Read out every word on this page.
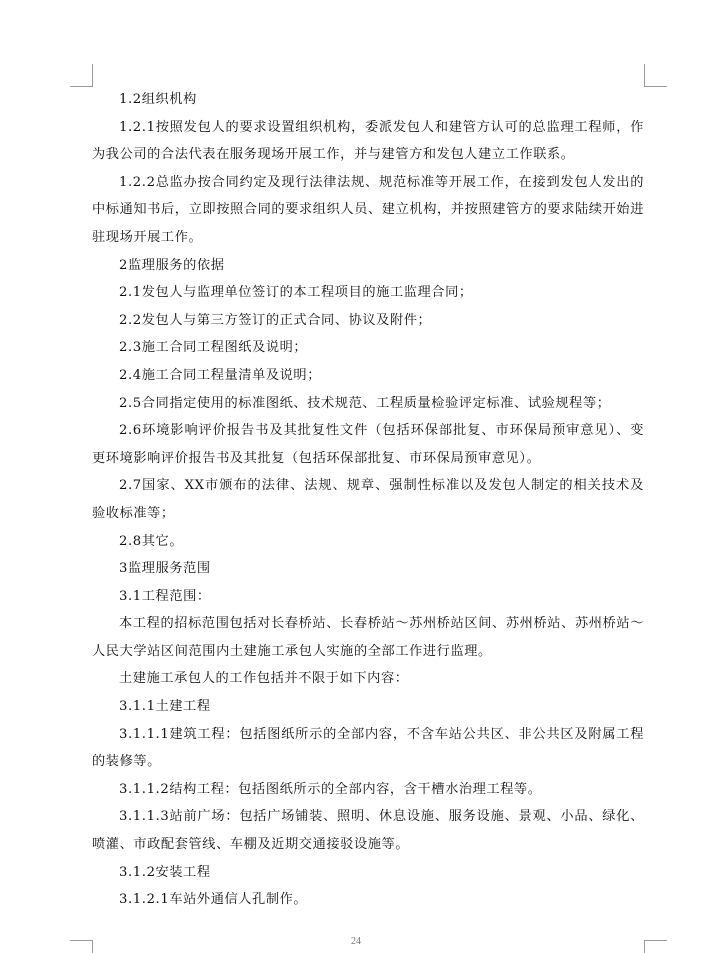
1.2组织机构

1.2.1按照发包人的要求设置组织机构，委派发包人和建管方认可的总监理工程师，作为我公司的合法代表在服务现场开展工作，并与建管方和发包人建立工作联系。

1.2.2总监办按合同约定及现行法律法规、规范标准等开展工作，在接到发包人发出的中标通知书后，立即按照合同的要求组织人员、建立机构，并按照建管方的要求陆续开始进驻现场开展工作。

2监理服务的依据

2.1发包人与监理单位签订的本工程项目的施工监理合同；

2.2发包人与第三方签订的正式合同、协议及附件；

2.3施工合同工程图纸及说明；

2.4施工合同工程量清单及说明；

2.5合同指定使用的标准图纸、技术规范、工程质量检验评定标准、试验规程等；

2.6环境影响评价报告书及其批复性文件（包括环保部批复、市环保局预审意见）、变更环境影响评价报告书及其批复（包括环保部批复、市环保局预审意见）。

2.7国家、XX市颁布的法律、法规、规章、强制性标准以及发包人制定的相关技术及验收标准等；

2.8其它。

3监理服务范围

3.1工程范围：

本工程的招标范围包括对长春桥站、长春桥站～苏州桥站区间、苏州桥站、苏州桥站～人民大学站区间范围内土建施工承包人实施的全部工作进行监理。

土建施工承包人的工作包括并不限于如下内容：

3.1.1土建工程

3.1.1.1建筑工程：包括图纸所示的全部内容，不含车站公共区、非公共区及附属工程的装修等。

3.1.1.2结构工程：包括图纸所示的全部内容，含干槽水治理工程等。

3.1.1.3站前广场：包括广场铺装、照明、休息设施、服务设施、景观、小品、绿化、喷灌、市政配套管线、车棚及近期交通接驳设施等。

3.1.2安装工程

3.1.2.1车站外通信人孔制作。

24
